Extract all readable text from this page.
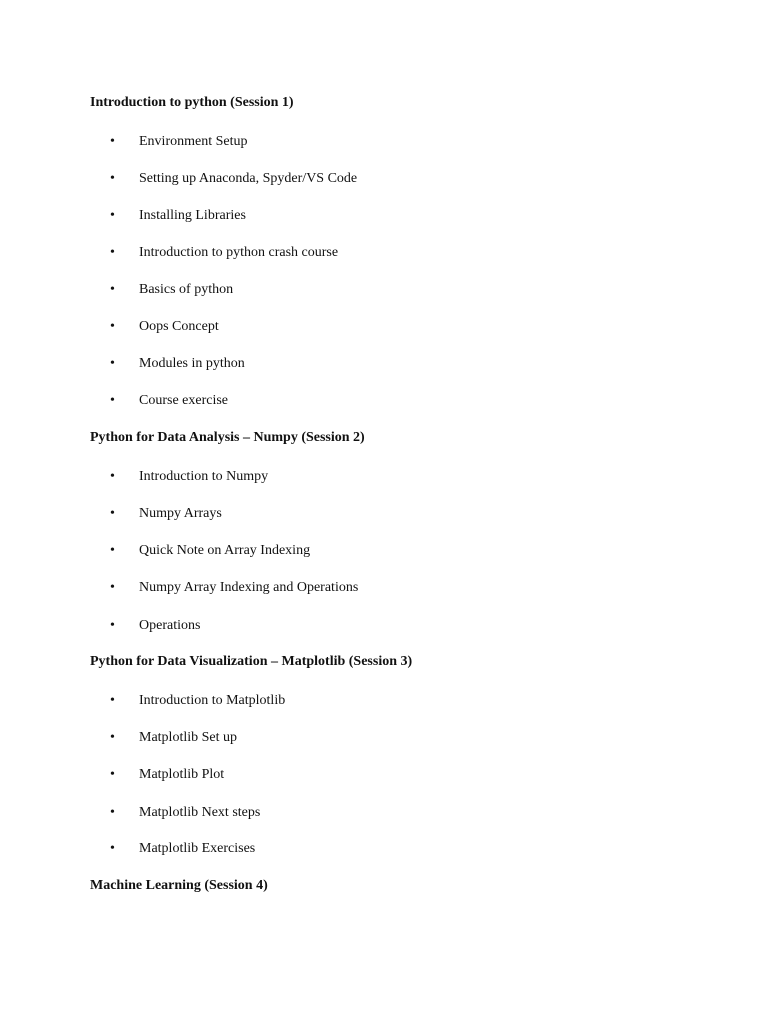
Introduction to python (Session 1)
• Environment Setup
• Setting up Anaconda, Spyder/VS Code
• Installing Libraries
• Introduction to python crash course
• Basics of python
• Oops Concept
• Modules in python
• Course exercise
Python for Data Analysis – Numpy (Session 2)
• Introduction to Numpy
• Numpy Arrays
• Quick Note on Array Indexing
• Numpy Array Indexing and Operations
• Operations
Python for Data Visualization – Matplotlib (Session 3)
• Introduction to Matplotlib
• Matplotlib Set up
• Matplotlib Plot
• Matplotlib Next steps
• Matplotlib Exercises
Machine Learning (Session 4)
